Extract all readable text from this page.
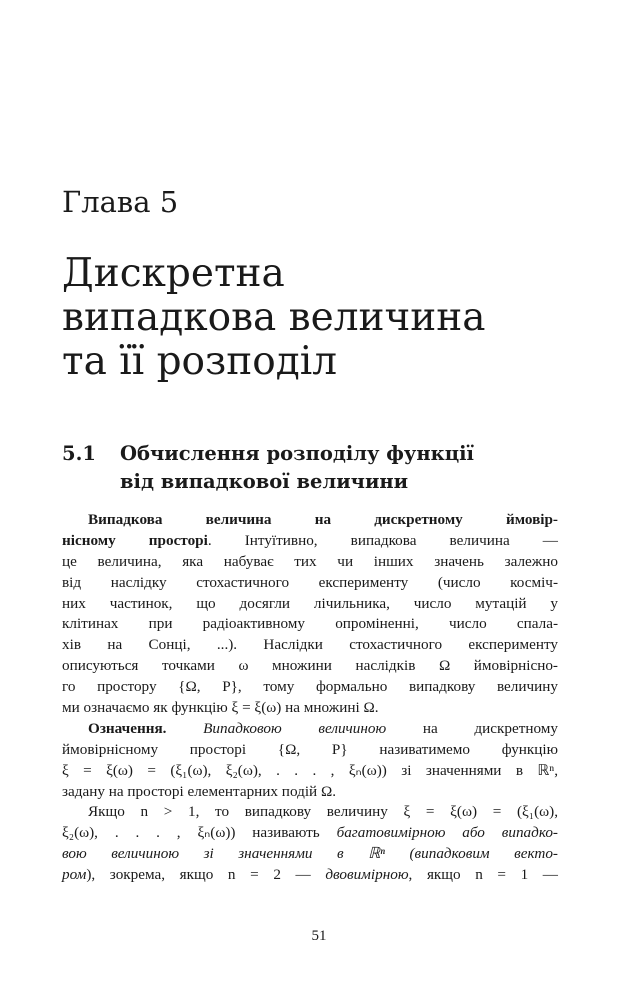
Глава 5
Дискретна
випадкова величина
та її розподіл
5.1 Обчислення розподілу функції
від випадкової величини
Випадкова величина на дискретному ймовір-
нісному просторі. Інтуїтивно, випадкова величина —
це величина, яка набуває тих чи інших значень залежно
від наслідку стохастичного експерименту (число косміч-
них частинок, що досягли лічильника, число мутацій у
клітинах при радіоактивному опроміненні, число спала-
хів на Сонці, ...). Наслідки стохастичного експерименту
описуються точками ω множини наслідків Ω ймовірнісно-
го простору {Ω, P}, тому формально випадкову величину
ми означаємо як функцію ξ = ξ(ω) на множині Ω.
Означення. Випадковою величиною на дискретному
ймовірнісному просторі {Ω, P} називатимемо функцію
ξ = ξ(ω) = (ξ₁(ω), ξ₂(ω), . . . , ξₙ(ω)) зі значеннями в ℝⁿ,
задану на просторі елементарних подій Ω.
Якщо n > 1, то випадкову величину ξ = ξ(ω) = (ξ₁(ω),
ξ₂(ω), . . . , ξₙ(ω)) називають багатовимірною або випадко-
вою величиною зі значеннями в ℝⁿ (випадковим векто-
ром), зокрема, якщо n = 2 — двовимірною, якщо n = 1 —
51
